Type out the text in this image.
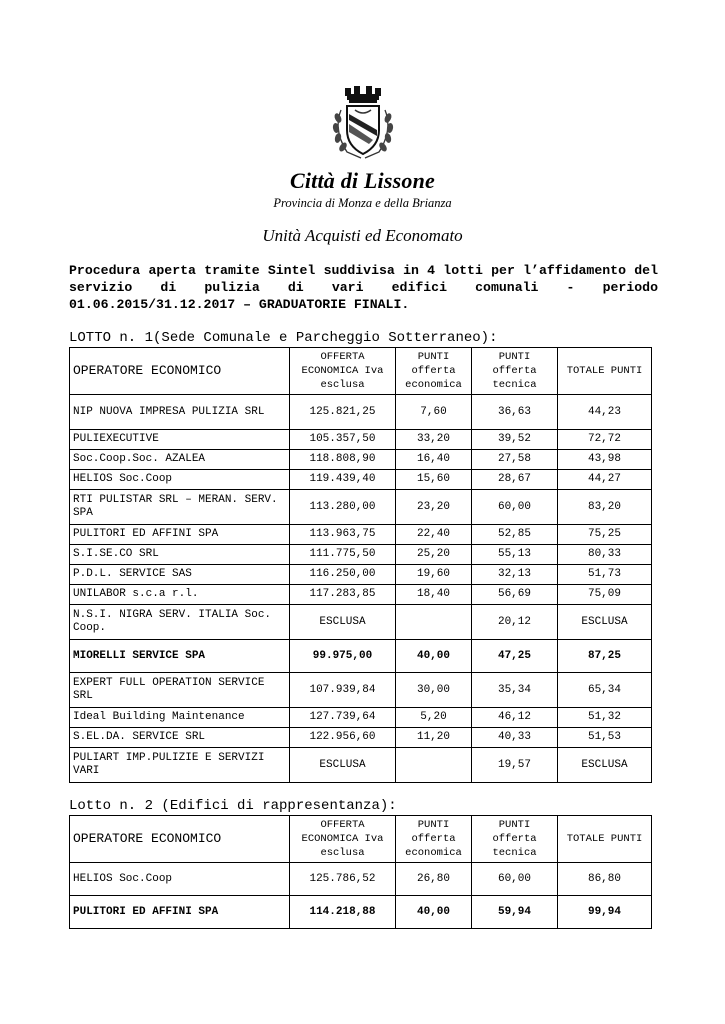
Città di Lissone
Provincia di Monza e della Brianza
Unità Acquisti ed Economato
Procedura aperta tramite Sintel suddivisa in 4 lotti per l’affidamento del servizio di pulizia di vari edifici comunali - periodo 01.06.2015/31.12.2017 – GRADUATORIE FINALI.
LOTTO n. 1(Sede Comunale e Parcheggio Sotterraneo):
OPERATORE ECONOMICO	OFFERTA ECONOMICA Iva esclusa	PUNTI offerta economica	PUNTI offerta tecnica	TOTALE PUNTI
NIP NUOVA IMPRESA PULIZIA SRL	125.821,25	7,60	36,63	44,23
PULIEXECUTIVE	105.357,50	33,20	39,52	72,72
Soc.Coop.Soc. AZALEA	118.808,90	16,40	27,58	43,98
HELIOS Soc.Coop	119.439,40	15,60	28,67	44,27
RTI PULISTAR SRL – MERAN. SERV. SPA	113.280,00	23,20	60,00	83,20
PULITORI ED AFFINI SPA	113.963,75	22,40	52,85	75,25
S.I.SE.CO SRL	111.775,50	25,20	55,13	80,33
P.D.L. SERVICE SAS	116.250,00	19,60	32,13	51,73
UNILABOR s.c.a r.l.	117.283,85	18,40	56,69	75,09
N.S.I. NIGRA SERV. ITALIA Soc. Coop.	ESCLUSA		20,12	ESCLUSA
MIORELLI SERVICE SPA	99.975,00	40,00	47,25	87,25
EXPERT FULL OPERATION SERVICE SRL	107.939,84	30,00	35,34	65,34
Ideal Building Maintenance	127.739,64	5,20	46,12	51,32
S.EL.DA. SERVICE SRL	122.956,60	11,20	40,33	51,53
PULIART IMP.PULIZIE E SERVIZI VARI	ESCLUSA		19,57	ESCLUSA
Lotto n. 2 (Edifici di rappresentanza):
OPERATORE ECONOMICO	OFFERTA ECONOMICA Iva esclusa	PUNTI offerta economica	PUNTI offerta tecnica	TOTALE PUNTI
HELIOS Soc.Coop	125.786,52	26,80	60,00	86,80
PULITORI ED AFFINI SPA	114.218,88	40,00	59,94	99,94
